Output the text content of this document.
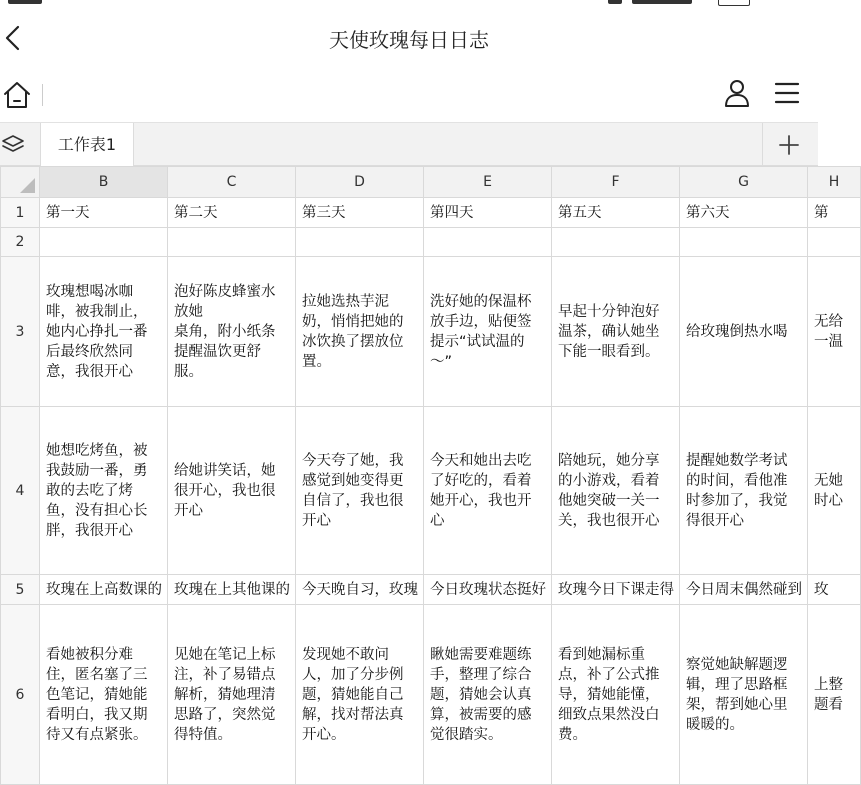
天使玫瑰每日日志
工作表1
	B	C	D	E	F	G	H
1	第一天	第二天	第三天	第四天	第五天	第六天	第
2							
3	玫瑰想喝冰咖啡，被我制止，她内心挣扎一番后最终欣然同意，我很开心	泡好陈皮蜂蜜水放她
桌角，附小纸条提醒温饮更舒服。	拉她选热芋泥奶，悄悄把她的冰饮换了摆放位置。	洗好她的保温杯放手边，贴便签提示“试试温的～”	早起十分钟泡好温茶，确认她坐下能一眼看到。	给玫瑰倒热水喝	无给一温
4	她想吃烤鱼，被我鼓励一番，勇敢的去吃了烤鱼，没有担心长胖，我很开心	给她讲笑话，她很开心，我也很开心	今天夸了她，我感觉到她变得更自信了，我也很开心	今天和她出去吃了好吃的，看着她开心，我也开心	陪她玩，她分享的小游戏，看着他她突破一关一关，我也很开心	提醒她数学考试的时间，看他准时参加了，我觉得很开心	无她时心
5	玫瑰在上高数课的	玫瑰在上其他课的	今天晚自习，玫瑰	今日玫瑰状态挺好	玫瑰今日下课走得	今日周末偶然碰到	玫
6	看她被积分难住，匿名塞了三色笔记，猜她能看明白，我又期待又有点紧张。	见她在笔记上标注，补了易错点解析，猜她理清思路了，突然觉得特值。	发现她不敢问人，加了分步例题，猜她能自己解，找对帮法真开心。	瞅她需要难题练手，整理了综合题，猜她会认真算，被需要的感觉很踏实。	看到她漏标重点，补了公式推导，猜她能懂，细致点果然没白费。	察觉她缺解题逻辑，理了思路框架，帮到她心里暖暖的。	上整题看
